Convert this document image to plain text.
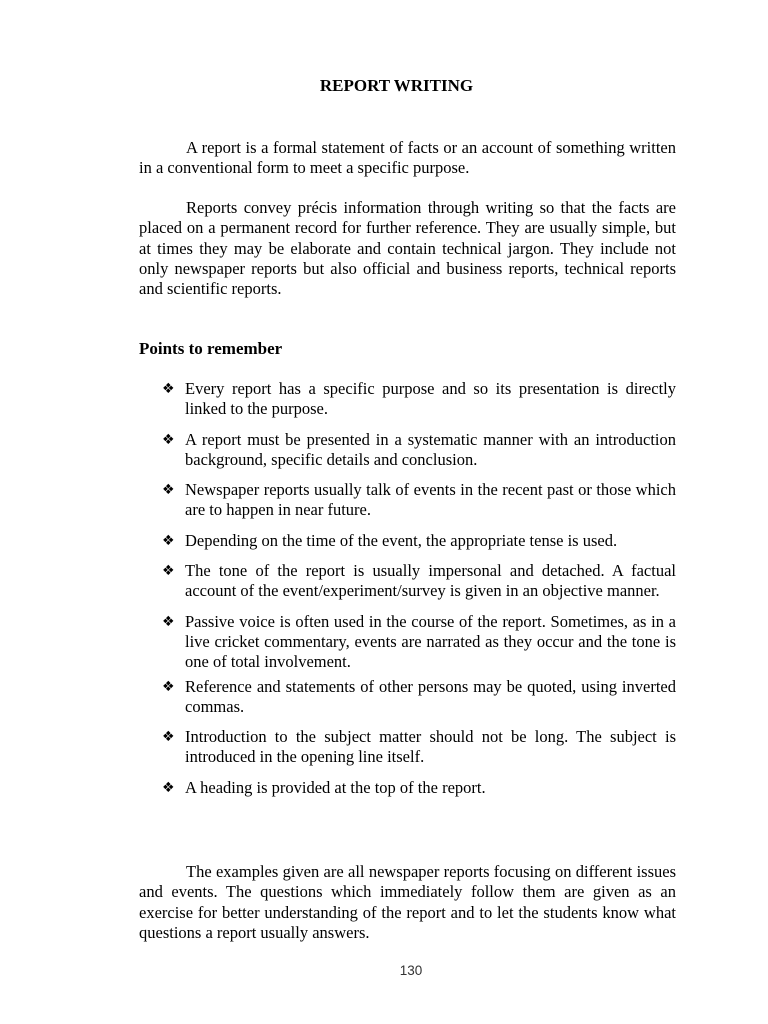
REPORT WRITING

A report is a formal statement of facts or an account of something written in a conventional form to meet a specific purpose.

Reports convey précis information through writing so that the facts are placed on a permanent record for further reference. They are usually simple, but at times they may be elaborate and contain technical jargon. They include not only newspaper reports but also official and business reports, technical reports and scientific reports.

Points to remember
❖ Every report has a specific purpose and so its presentation is directly linked to the purpose.
❖ A report must be presented in a systematic manner with an introduction background, specific details and conclusion.
❖ Newspaper reports usually talk of events in the recent past or those which are to happen in near future.
❖ Depending on the time of the event, the appropriate tense is used.
❖ The tone of the report is usually impersonal and detached. A factual account of the event/experiment/survey is given in an objective manner.
❖ Passive voice is often used in the course of the report. Sometimes, as in a live cricket commentary, events are narrated as they occur and the tone is one of total involvement.
❖ Reference and statements of other persons may be quoted, using inverted commas.
❖ Introduction to the subject matter should not be long. The subject is introduced in the opening line itself.
❖ A heading is provided at the top of the report.

The examples given are all newspaper reports focusing on different issues and events. The questions which immediately follow them are given as an exercise for better understanding of the report and to let the students know what questions a report usually answers.

130
